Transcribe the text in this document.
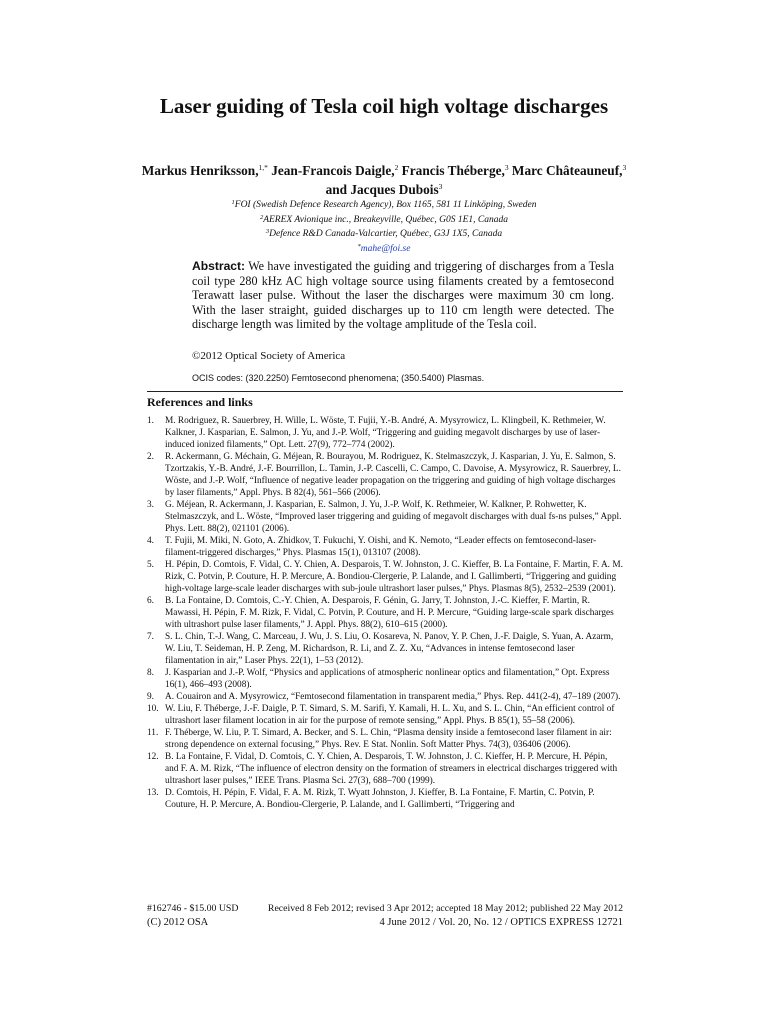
Laser guiding of Tesla coil high voltage discharges
Markus Henriksson,$^{1,*}$ Jean-Francois Daigle,$^2$ Francis Théberge,$^3$ Marc Châteauneuf,$^3$
and Jacques Dubois$^3$
$^1$FOI (Swedish Defence Research Agency), Box 1165, 581 11 Linköping, Sweden
$^2$AEREX Avionique inc., Breakeyville, Québec, G0S 1E1, Canada
$^3$Defence R&D Canada-Valcartier, Québec, G3J 1X5, Canada
*mahe@foi.se
Abstract: We have investigated the guiding and triggering of discharges from a Tesla coil type 280 kHz AC high voltage source using filaments created by a femtosecond Terawatt laser pulse. Without the laser the discharges were maximum 30 cm long. With the laser straight, guided discharges up to 110 cm length were detected. The discharge length was limited by the voltage amplitude of the Tesla coil.
©2012 Optical Society of America
OCIS codes: (320.2250) Femtosecond phenomena; (350.5400) Plasmas.
References and links
1.	M. Rodriguez, R. Sauerbrey, H. Wille, L. Wöste, T. Fujii, Y.-B. André, A. Mysyrowicz, L. Klingbeil, K. Rethmeier, W. Kalkner, J. Kasparian, E. Salmon, J. Yu, and J.-P. Wolf, “Triggering and guiding megavolt discharges by use of laser-induced ionized filaments,” Opt. Lett. 27(9), 772–774 (2002).
2.	R. Ackermann, G. Méchain, G. Méjean, R. Bourayou, M. Rodriguez, K. Stelmaszczyk, J. Kasparian, J. Yu, E. Salmon, S. Tzortzakis, Y.-B. André, J.-F. Bourrillon, L. Tamin, J.-P. Cascelli, C. Campo, C. Davoise, A. Mysyrowicz, R. Sauerbrey, L. Wöste, and J.-P. Wolf, “Influence of negative leader propagation on the triggering and guiding of high voltage discharges by laser filaments,” Appl. Phys. B 82(4), 561–566 (2006).
3.	G. Méjean, R. Ackermann, J. Kasparian, E. Salmon, J. Yu, J.-P. Wolf, K. Rethmeier, W. Kalkner, P. Rohwetter, K. Stelmaszczyk, and L. Wöste, “Improved laser triggering and guiding of megavolt discharges with dual fs-ns pulses,” Appl. Phys. Lett. 88(2), 021101 (2006).
4.	T. Fujii, M. Miki, N. Goto, A. Zhidkov, T. Fukuchi, Y. Oishi, and K. Nemoto, “Leader effects on femtosecond-laser-filament-triggered discharges,” Phys. Plasmas 15(1), 013107 (2008).
5.	H. Pépin, D. Comtois, F. Vidal, C. Y. Chien, A. Desparois, T. W. Johnston, J. C. Kieffer, B. La Fontaine, F. Martin, F. A. M. Rizk, C. Potvin, P. Couture, H. P. Mercure, A. Bondiou-Clergerie, P. Lalande, and I. Gallimberti, “Triggering and guiding high-voltage large-scale leader discharges with sub-joule ultrashort laser pulses,” Phys. Plasmas 8(5), 2532–2539 (2001).
6.	B. La Fontaine, D. Comtois, C.-Y. Chien, A. Desparois, F. Génin, G. Jarry, T. Johnston, J.-C. Kieffer, F. Martin, R. Mawassi, H. Pépin, F. M. Rizk, F. Vidal, C. Potvin, P. Couture, and H. P. Mercure, “Guiding large-scale spark discharges with ultrashort pulse laser filaments,” J. Appl. Phys. 88(2), 610–615 (2000).
7.	S. L. Chin, T.-J. Wang, C. Marceau, J. Wu, J. S. Liu, O. Kosareva, N. Panov, Y. P. Chen, J.-F. Daigle, S. Yuan, A. Azarm, W. Liu, T. Seideman, H. P. Zeng, M. Richardson, R. Li, and Z. Z. Xu, “Advances in intense femtosecond laser filamentation in air,” Laser Phys. 22(1), 1–53 (2012).
8.	J. Kasparian and J.-P. Wolf, “Physics and applications of atmospheric nonlinear optics and filamentation,” Opt. Express 16(1), 466–493 (2008).
9.	A. Couairon and A. Mysyrowicz, “Femtosecond filamentation in transparent media,” Phys. Rep. 441(2-4), 47–189 (2007).
10. W. Liu, F. Théberge, J.-F. Daigle, P. T. Simard, S. M. Sarifi, Y. Kamali, H. L. Xu, and S. L. Chin, “An efficient control of ultrashort laser filament location in air for the purpose of remote sensing,” Appl. Phys. B 85(1), 55–58 (2006).
11. F. Théberge, W. Liu, P. T. Simard, A. Becker, and S. L. Chin, “Plasma density inside a femtosecond laser filament in air: strong dependence on external focusing,” Phys. Rev. E Stat. Nonlin. Soft Matter Phys. 74(3), 036406 (2006).
12. B. La Fontaine, F. Vidal, D. Comtois, C. Y. Chien, A. Desparois, T. W. Johnston, J. C. Kieffer, H. P. Mercure, H. Pépin, and F. A. M. Rizk, “The influence of electron density on the formation of streamers in electrical discharges triggered with ultrashort laser pulses,” IEEE Trans. Plasma Sci. 27(3), 688–700 (1999).
13. D. Comtois, H. Pépin, F. Vidal, F. A. M. Rizk, T. Wyatt Johnston, J. Kieffer, B. La Fontaine, F. Martin, C. Potvin, P. Couture, H. P. Mercure, A. Bondiou-Clergerie, P. Lalande, and I. Gallimberti, “Triggering and
#162746 - $15.00 USD	Received 8 Feb 2012; revised 3 Apr 2012; accepted 18 May 2012; published 22 May 2012
(C) 2012 OSA	4 June 2012 / Vol. 20, No. 12 / OPTICS EXPRESS 12721
